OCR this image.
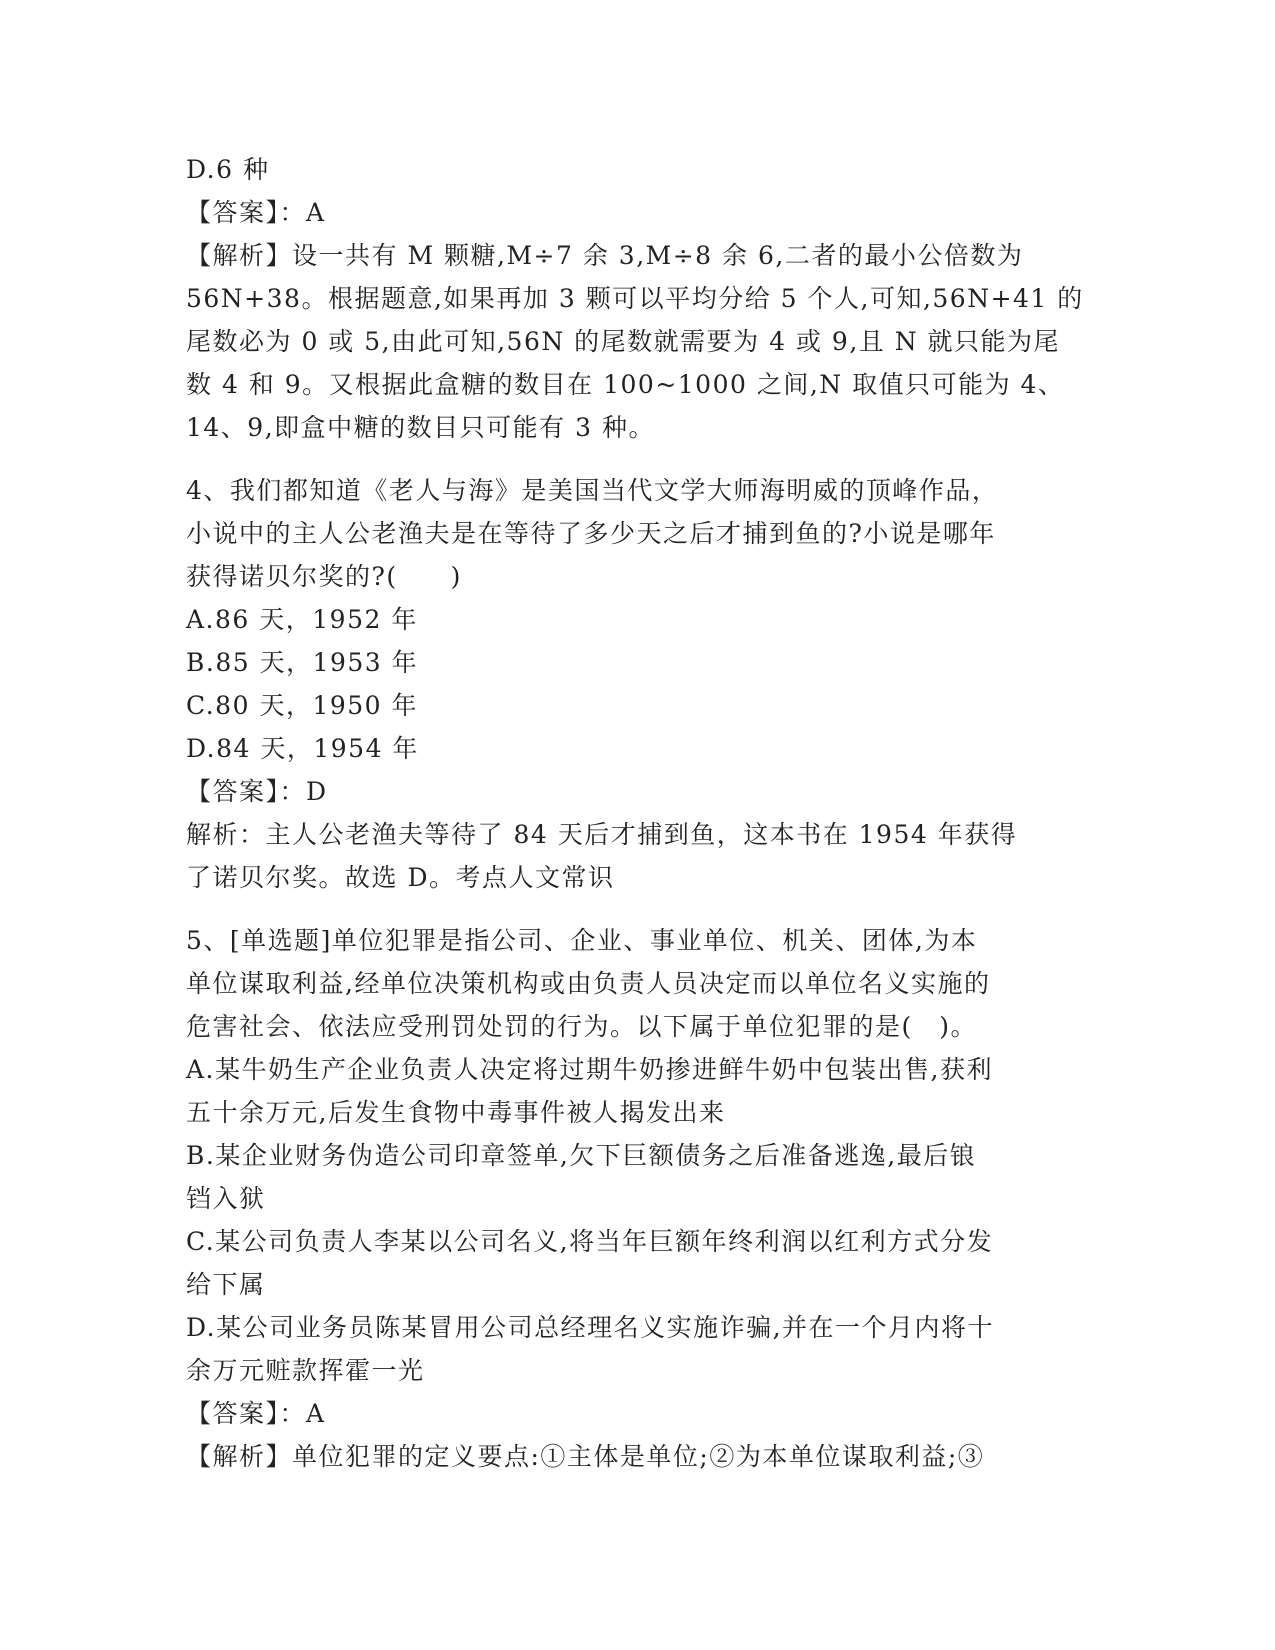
D.6 种

【答案】：A

【解析】设一共有 M 颗糖,M÷7 余 3,M÷8 余 6,二者的最小公倍数为

56N+38。根据题意,如果再加 3 颗可以平均分给 5 个人,可知,56N+41 的

尾数必为 0 或 5,由此可知,56N 的尾数就需要为 4 或 9,且 N 就只能为尾

数 4 和 9。又根据此盒糖的数目在 100~1000 之间,N 取值只可能为 4、

14、9,即盒中糖的数目只可能有 3 种。

4、我们都知道《老人与海》是美国当代文学大师海明威的顶峰作品，

小说中的主人公老渔夫是在等待了多少天之后才捕到鱼的?小说是哪年

获得诺贝尔奖的?(　　)

A.86 天，1952 年

B.85 天，1953 年

C.80 天，1950 年

D.84 天，1954 年

【答案】：D

解析：主人公老渔夫等待了 84 天后才捕到鱼，这本书在 1954 年获得

了诺贝尔奖。故选 D。考点人文常识

5、[单选题]单位犯罪是指公司、企业、事业单位、机关、团体,为本

单位谋取利益,经单位决策机构或由负责人员决定而以单位名义实施的

危害社会、依法应受刑罚处罚的行为。以下属于单位犯罪的是(　)。

A.某牛奶生产企业负责人决定将过期牛奶掺进鲜牛奶中包装出售,获利

五十余万元,后发生食物中毒事件被人揭发出来

B.某企业财务伪造公司印章签单,欠下巨额债务之后准备逃逸,最后锒

铛入狱

C.某公司负责人李某以公司名义,将当年巨额年终利润以红利方式分发

给下属

D.某公司业务员陈某冒用公司总经理名义实施诈骗,并在一个月内将十

余万元赃款挥霍一光

【答案】：A

【解析】单位犯罪的定义要点:①主体是单位;②为本单位谋取利益;③
